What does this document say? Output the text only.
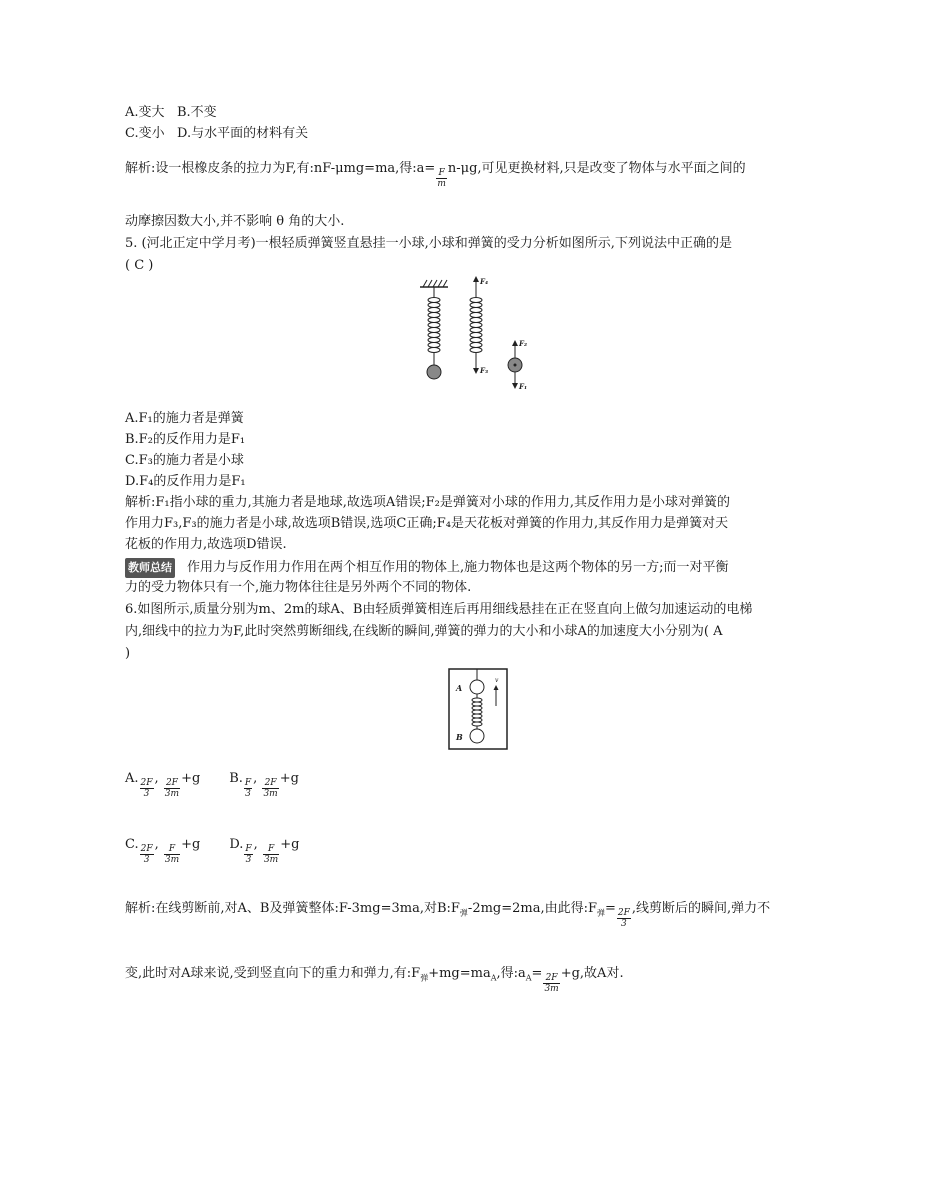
A.变大 B.不变
C.变小 D.与水平面的材料有关
解析:设一根橡皮条的拉力为F,有:nF-μmg=ma,得:a= $\frac{F}{m} n-\mu g$,可见更换材料,只是改变了物体与水平面之间的
动摩擦因数大小,并不影响 θ 角的大小.
5. (河北正定中学月考)一根轻质弹簧竖直悬挂一小球,小球和弹簧的受力分析如图所示,下列说法中正确的是
( C )
F₄
F₃
F₂
F₁
A.F₁的施力者是弹簧
B.F₂的反作用力是F₁
C.F₃的施力者是小球
D.F₄的反作用力是F₁
解析:F₁指小球的重力,其施力者是地球,故选项A错误;F₂是弹簧对小球的作用力,其反作用力是小球对弹簧的
作用力F₃,F₃的施力者是小球,故选项B错误,选项C正确;F₄是天花板对弹簧的作用力,其反作用力是弹簧对天
花板的作用力,故选项D错误.
教师总结 作用力与反作用力作用在两个相互作用的物体上,施力物体也是这两个物体的另一方;而一对平衡
力的受力物体只有一个,施力物体往往是另外两个不同的物体.
6.如图所示,质量分别为m、2m的球A、B由轻质弹簧相连后再用细线悬挂在正在竖直向上做匀加速运动的电梯
内,细线中的拉力为F,此时突然剪断细线,在线断的瞬间,弹簧的弹力的大小和小球A的加速度大小分别为( A
)
A
B
v
A. $\frac{2F}{3}$ , $\frac{2F}{3m} +g$ B. $\frac{F}{3}$ , $\frac{2F}{3m} +g$
C. $\frac{2F}{3}$ , $\frac{F}{3m} +g$ D. $\frac{F}{3}$ , $\frac{F}{3m} +g$
解析:在线剪断前,对A、B及弹簧整体:F-3mg=3ma,对$B:F_弹-2mg=2ma$,由此得$:F_弹= \frac{2F}{3}$ ,线剪断后的瞬间,弹力不
变,此时对A球来说,受到竖直向下的重力和弹力,有$:F_弹+mg=ma_A$,得$:a_A= \frac{2F}{3m} +g$,故A对.
